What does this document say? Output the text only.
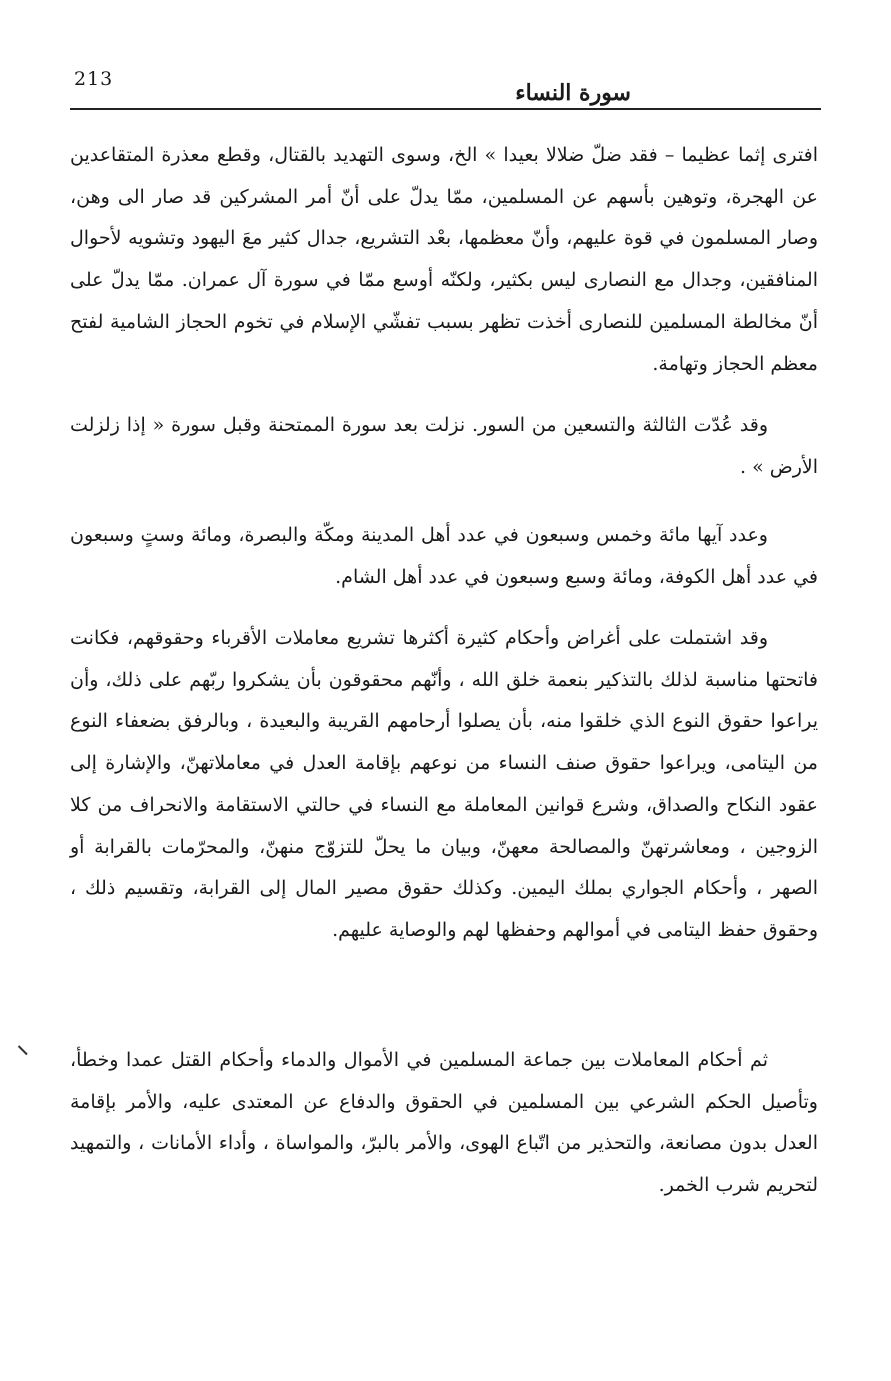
213
سورة النساء

افترى إثما عظيما – فقد ضلّ ضلالا بعيدا » الخ، وسوى التهديد بالقتال، وقطع معذرة المتقاعدين عن الهجرة، وتوهين بأسهم عن المسلمين، ممّا يدلّ على أنّ أمر المشركين قد صار الى وهن، وصار المسلمون في قوة عليهم، وأنّ معظمها، بعْد التشريع، جدال كثير معَ اليهود وتشويه لأحوال المنافقين، وجدال مع النصارى ليس بكثير، ولكنّه أوسع ممّا في سورة آل عمران. ممّا يدلّ على أنّ مخالطة المسلمين للنصارى أخذت تظهر بسبب تفشّي الإسلام في تخوم الحجاز الشامية لفتح معظم الحجاز وتهامة.

وقد عُدّت الثالثة والتسعين من السور. نزلت بعد سورة الممتحنة وقبل سورة « إذا زلزلت الأرض » .

وعدد آيها مائة وخمس وسبعون في عدد أهل المدينة ومكّة والبصرة، ومائة وستٍ وسبعون في عدد أهل الكوفة، ومائة وسبع وسبعون في عدد أهل الشام.

وقد اشتملت على أغراض وأحكام كثيرة أكثرها تشريع معاملات الأقرباء وحقوقهم، فكانت فاتحتها مناسبة لذلك بالتذكير بنعمة خلق الله ، وأنّهم محقوقون بأن يشكروا ربّهم على ذلك، وأن يراعوا حقوق النوع الذي خلقوا منه، بأن يصلوا أرحامهم القريبة والبعيدة ، وبالرفق بضعفاء النوع من اليتامى، ويراعوا حقوق صنف النساء من نوعهم بإقامة العدل في معاملاتهنّ، والإشارة إلى عقود النكاح والصداق، وشرع قوانين المعاملة مع النساء في حالتي الاستقامة والانحراف من كلا الزوجين ، ومعاشرتهنّ والمصالحة معهنّ، وبيان ما يحلّ للتزوّج منهنّ، والمحرّمات بالقرابة أو الصهر ، وأحكام الجواري بملك اليمين. وكذلك حقوق مصير المال إلى القرابة، وتقسيم ذلك ، وحقوق حفظ اليتامى في أموالهم وحفظها لهم والوصاية عليهم.

ثم أحكام المعاملات بين جماعة المسلمين في الأموال والدماء وأحكام القتل عمدا وخطأ، وتأصيل الحكم الشرعي بين المسلمين في الحقوق والدفاع عن المعتدى عليه، والأمر بإقامة العدل بدون مصانعة، والتحذير من اتّباع الهوى، والأمر بالبرّ، والمواساة ، وأداء الأمانات ، والتمهيد لتحريم شرب الخمر.
